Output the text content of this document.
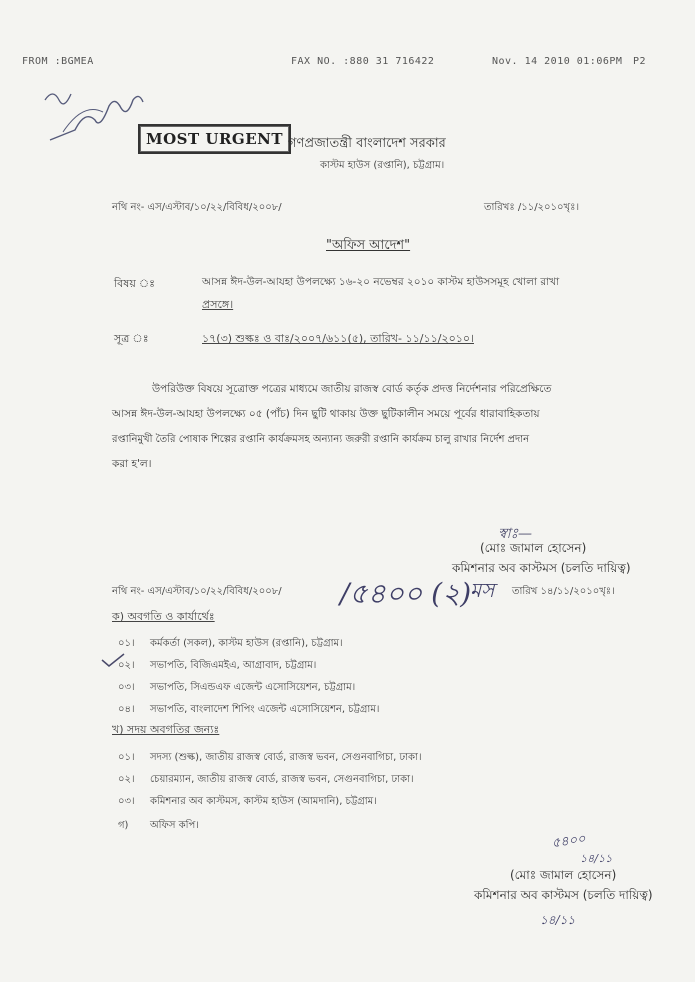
FROM :BGMEA	FAX NO. :880 31 716422	Nov. 14 2010 01:06PM P2
MOST URGENT গণপ্রজাতন্ত্রী বাংলাদেশ সরকার
কাস্টম হাউস (রপ্তানি), চট্টগ্রাম।
নথি নং- এস/এস্টাব/১০/২২/বিবিধ/২০০৮/	তারিখঃ /১১/২০১০খৃঃ।
"অফিস আদেশ"
বিষয় ঃ	আসন্ন ঈদ-উল-আযহা উপলক্ষ্যে ১৬-২০ নভেম্বর ২০১০ কাস্টম হাউসসমূহ খোলা রাখা
প্রসঙ্গে।
সূত্র ঃ	১৭(৩) শুল্কঃ ও বাঃ/২০০৭/৬১১(৫), তারিখ- ১১/১১/২০১০।
উপরিউক্ত বিষয়ে সূত্রোক্ত পত্রের মাধ্যমে জাতীয় রাজস্ব বোর্ড কর্তৃক প্রদত্ত নির্দেশনার পরিপ্রেক্ষিতে
আসন্ন ঈদ-উল-আযহা উপলক্ষ্যে ০৫ (পাঁচ) দিন ছুটি থাকায় উক্ত ছুটিকালীন সময়ে পূর্বের ধারাবাহিকতায়
রপ্তানিমুখী তৈরি পোষাক শিল্পের রপ্তানি কার্যক্রমসহ অন্যান্য জরুরী রপ্তানি কার্যক্রম চালু রাখার নির্দেশ প্রদান
করা হ'ল।
স্বাঃ—
(মোঃ জামাল হোসেন)
কমিশনার অব কাস্টমস (চলতি দায়িত্ব)
নথি নং- এস/এস্টাব/১০/২২/বিবিধ/২০০৮/ /৫৪০০ (২)
মস তারিখ ১৪/১১/২০১০খৃঃ।
ক) অবগতি ও কার্যার্থেঃ
০১। কর্মকর্তা (সকল), কাস্টম হাউস (রপ্তানি), চট্টগ্রাম।
০২। সভাপতি, বিজিএমইএ, আগ্রাবাদ, চট্টগ্রাম।
০৩। সভাপতি, সিএন্ডএফ এজেন্ট এসোসিয়েশন, চট্টগ্রাম।
০৪। সভাপতি, বাংলাদেশ শিপিং এজেন্ট এসোসিয়েশন, চট্টগ্রাম।
খ) সদয় অবগতির জন্যঃ
০১। সদস্য (শুল্ক), জাতীয় রাজস্ব বোর্ড, রাজস্ব ভবন, সেগুনবাগিচা, ঢাকা।
০২। চেয়ারম্যান, জাতীয় রাজস্ব বোর্ড, রাজস্ব ভবন, সেগুনবাগিচা, ঢাকা।
০৩। কমিশনার অব কাস্টমস, কাস্টম হাউস (আমদানি), চট্টগ্রাম।
গ) অফিস কপি।
৫৪০০
১৪/১১
(মোঃ জামাল হোসেন)
কমিশনার অব কাস্টমস (চলতি দায়িত্ব)
১৪/১১
